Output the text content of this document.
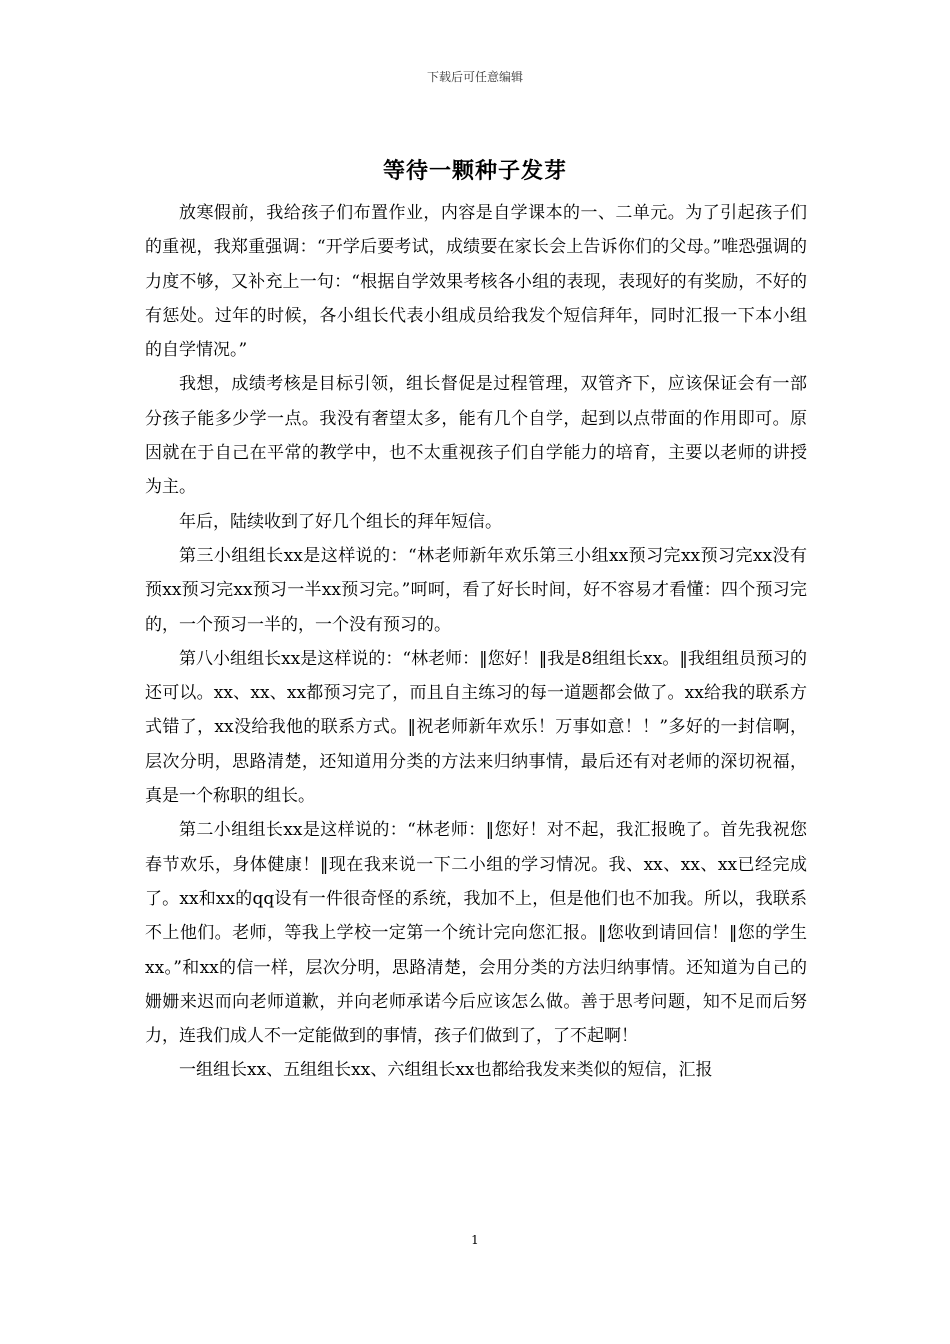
下载后可任意编辑
等待一颗种子发芽

放寒假前，我给孩子们布置作业，内容是自学课本的一、二单元。为了引起孩子们的重视，我郑重强调：“开学后要考试，成绩要在家长会上告诉你们的父母。”唯恐强调的力度不够，又补充上一句：“根据自学效果考核各小组的表现，表现好的有奖励，不好的有惩处。过年的时候，各小组长代表小组成员给我发个短信拜年，同时汇报一下本小组的自学情况。”

我想，成绩考核是目标引领，组长督促是过程管理，双管齐下，应该保证会有一部分孩子能多少学一点。我没有奢望太多，能有几个自学，起到以点带面的作用即可。原因就在于自己在平常的教学中，也不太重视孩子们自学能力的培育，主要以老师的讲授为主。

年后，陆续收到了好几个组长的拜年短信。

第三小组组长xx是这样说的：“林老师新年欢乐第三小组xx预习完xx预习完xx没有预xx预习完xx预习一半xx预习完。”呵呵，看了好长时间，好不容易才看懂：四个预习完的，一个预习一半的，一个没有预习的。

第八小组组长xx是这样说的：“林老师：‖您好！‖我是8组组长xx。‖我组组员预习的还可以。xx、xx、xx都预习完了，而且自主练习的每一道题都会做了。xx给我的联系方式错了，xx没给我他的联系方式。‖祝老师新年欢乐！万事如意！！”多好的一封信啊，层次分明，思路清楚，还知道用分类的方法来归纳事情，最后还有对老师的深切祝福，真是一个称职的组长。

第二小组组长xx是这样说的：“林老师：‖您好！对不起，我汇报晚了。首先我祝您春节欢乐，身体健康！‖现在我来说一下二小组的学习情况。我、xx、xx、xx已经完成了。xx和xx的qq设有一件很奇怪的系统，我加不上，但是他们也不加我。所以，我联系不上他们。老师，等我上学校一定第一个统计完向您汇报。‖您收到请回信！‖您的学生xx。”和xx的信一样，层次分明，思路清楚，会用分类的方法归纳事情。还知道为自己的姗姗来迟而向老师道歉，并向老师承诺今后应该怎么做。善于思考问题，知不足而后努力，连我们成人不一定能做到的事情，孩子们做到了，了不起啊！

一组组长xx、五组组长xx、六组组长xx也都给我发来类似的短信，汇报

1
